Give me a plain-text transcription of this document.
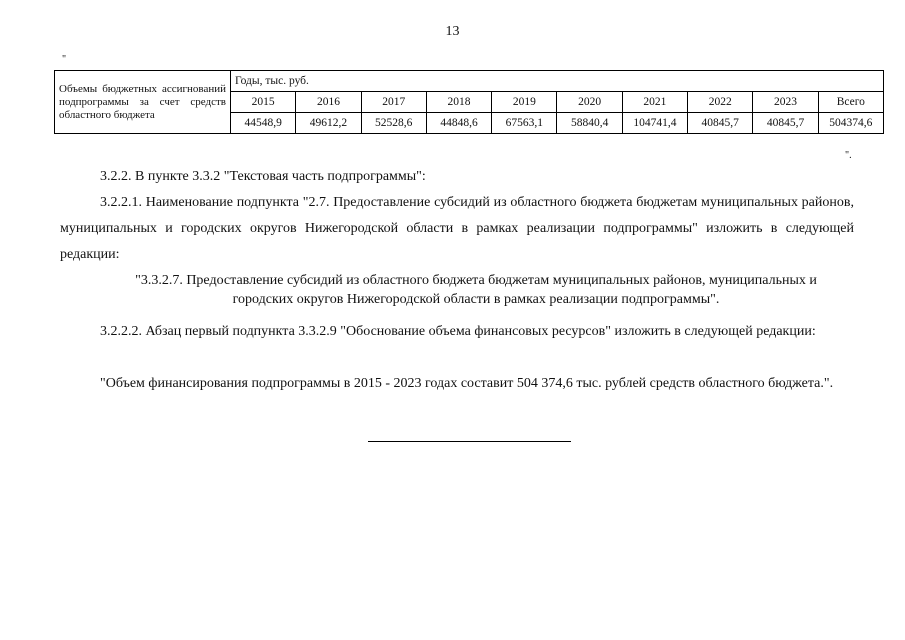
13
"
Объемы бюджетных ассигнований подпрограммы за счет средств областного бюджета	Годы, тыс. руб.									
	2015	2016	2017	2018	2019	2020	2021	2022	2023	Всего
	44548,9	49612,2	52528,6	44848,6	67563,1	58840,4	104741,4	40845,7	40845,7	504374,6
".

3.2.2. В пункте 3.3.2 "Текстовая часть подпрограммы":

3.2.2.1. Наименование подпункта "2.7. Предоставление субсидий из областного бюджета бюджетам муниципальных районов, муниципальных и городских округов Нижегородской области в рамках реализации подпрограммы" изложить в следующей редакции:

"3.3.2.7. Предоставление субсидий из областного бюджета бюджетам муниципальных районов, муниципальных и городских округов Нижегородской области в рамках реализации подпрограммы".

3.2.2.2. Абзац первый подпункта 3.3.2.9 "Обоснование объема финансовых ресурсов" изложить в следующей редакции:

"Объем финансирования подпрограммы в 2015 - 2023 годах составит 504 374,6 тыс. рублей средств областного бюджета.".
